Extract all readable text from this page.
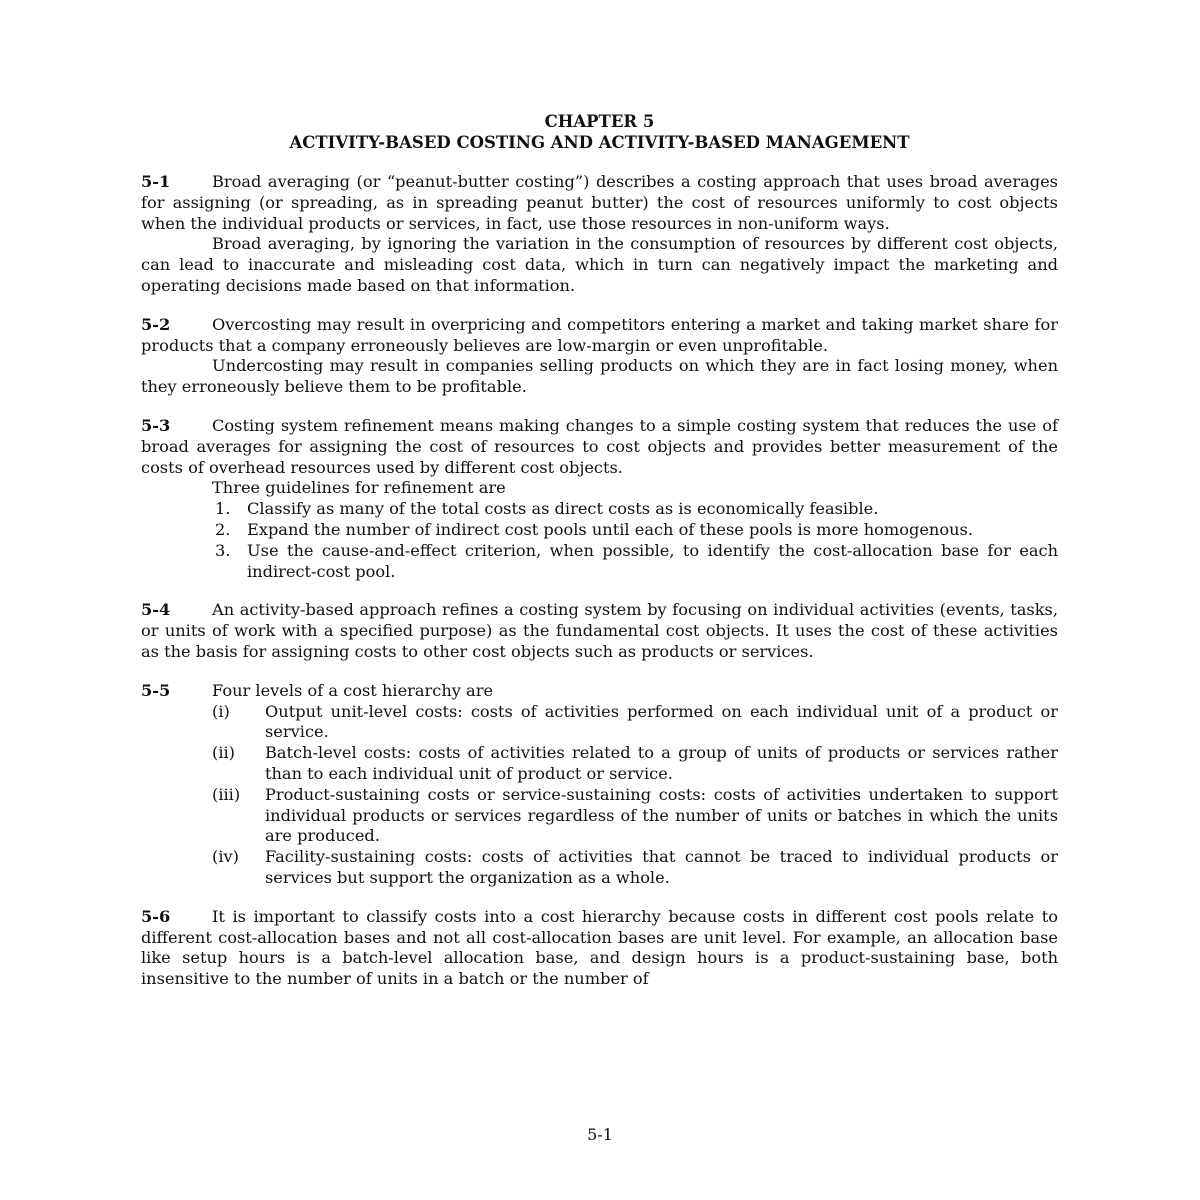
CHAPTER 5
ACTIVITY-BASED COSTING AND ACTIVITY-BASED MANAGEMENT

5-1	Broad averaging (or “peanut-butter costing”) describes a costing approach that uses broad averages for assigning (or spreading, as in spreading peanut butter) the cost of resources uniformly to cost objects when the individual products or services, in fact, use those resources in non-uniform ways.

Broad averaging, by ignoring the variation in the consumption of resources by different cost objects, can lead to inaccurate and misleading cost data, which in turn can negatively impact the marketing and operating decisions made based on that information.

5-2	Overcosting may result in overpricing and competitors entering a market and taking market share for products that a company erroneously believes are low-margin or even unprofitable.

Undercosting may result in companies selling products on which they are in fact losing money, when they erroneously believe them to be profitable.

5-3	Costing system refinement means making changes to a simple costing system that reduces the use of broad averages for assigning the cost of resources to cost objects and provides better measurement of the costs of overhead resources used by different cost objects.

Three guidelines for refinement are
1. Classify as many of the total costs as direct costs as is economically feasible.
2. Expand the number of indirect cost pools until each of these pools is more homogenous.
3. Use the cause-and-effect criterion, when possible, to identify the cost-allocation base for each indirect-cost pool.

5-4	An activity-based approach refines a costing system by focusing on individual activities (events, tasks, or units of work with a specified purpose) as the fundamental cost objects. It uses the cost of these activities as the basis for assigning costs to other cost objects such as products or services.

5-5	Four levels of a cost hierarchy are

(i) Output unit-level costs: costs of activities performed on each individual unit of a product or service.
(ii) Batch-level costs: costs of activities related to a group of units of products or services rather than to each individual unit of product or service.
(iii) Product-sustaining costs or service-sustaining costs: costs of activities undertaken to support individual products or services regardless of the number of units or batches in which the units are produced.
(iv) Facility-sustaining costs: costs of activities that cannot be traced to individual products or services but support the organization as a whole.

5-6	It is important to classify costs into a cost hierarchy because costs in different cost pools relate to different cost-allocation bases and not all cost-allocation bases are unit level. For example, an allocation base like setup hours is a batch-level allocation base, and design hours is a product-sustaining base, both insensitive to the number of units in a batch or the number of

5-1
